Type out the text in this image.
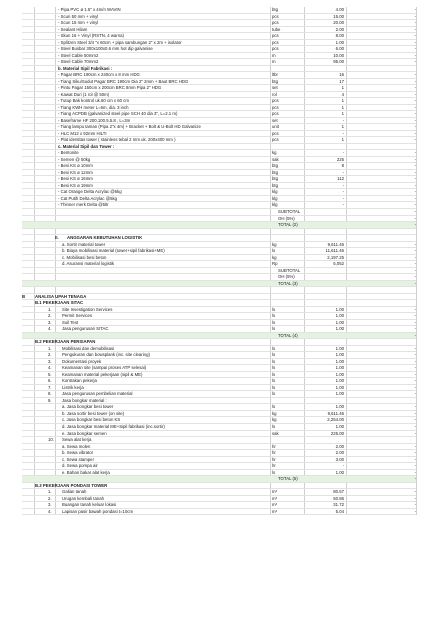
- Pipa PVC ø 1.5" x 4m/n WAVIN	btg	4.00	-
- Scun 50 mm + vinyl	pcs	15.00	-
- Scun 15 mm + vinyl	pcs	20.00	-
- Sealant Hilam	tube	2.00	-
- Skun 16 + Vinyl (RSTN, 4 warna)	pcs	8.00	-
- Splitzen Steel 3/4 "x 60cm + pipa sambungan 2" x 2m + isolator	pcs	1.00	-
- Steel Busbar 300x100x0.6 mm hot dip galvanise	pcs	6.00	-
- Steel Cable 50mm2	m	10.00	-
- Steel Cable 70mm2	m	95.00	-
b. Material Sipil Fabrikasi :
- Pagar BRC 190cm x 240cm x 8 mm HDG	ltbr	16	-
- Tiang Siku/Sudut Pagar BRC 190cm Dia 2" 2mm + Baut BRC HDG	btg	17	-
- Pintu Pagar 150cm x 200cm BRC 8mm Pipa 2" HDG	set	1	-
- Kawat Duri (1 rol @ 50m)	rol	4	-
- Tutup Bak kontrol uk.60 cm x 60 cm	pcs	1	-
- Tiang KWH meter L=6m, dia. 3 inch	pcs	1	-
- Tiang ACPDB (galvanized steel pipe SCH 40 dia 3", L=2.1 m)	pcs	1	-
- Baseframe HF 200.100.5.5.8 , L=3m	set	-	-
- Tiang lampu taman (Pipa 2"x 4m) + Bracket + Bolt & U-Bolt HD Galvanize	unit	1	-
- HLC M12 x 92mm HILTI	pcs	-	-
- Plat identitas tower ( stainless tebal 2 mm uk. 200x400 mm )	pcs	1	-
c. Material Sipil dan Tower :
- Bentonite	kg	-	-
- Semen @ 50kg	sak	225	-
- Besi KS ø 10mm	btg	8	-
- Besi KS ø 12mm	btg	-	-
- Besi KS ø 16mm	btg	112	-
- Besi KS ø 19mm	btg	-	-
- Cat Orange Delta Acrylac @5kg	klg	-	-
- Cat Putih Delta Acrylac @5kg	klg	-	-
- Thinner merk Delta @5ltr	klg	-	-
SUBTOTAL	-
OH (5%)	-
TOTAL (2)	-
II.	ANGGARAN KEBUTUHAN LOGISTIK
a. Sortir material tower	kg	9,611.46	-
b. Biaya mobilisasi material (tower+sipil fabrikasi+ME)	ls	11,611.46	-
c. Mobilisasi besi beton	kg	2,197.25	-
d. Asuransi material logistik	Rp	5,052	-
SUBTOTAL	-
OH (5%)	-
TOTAL (3)	-
B	ANALISA UPAH TENAGA
B.1 PEKERJAAN SITAC
1.	Site Investigation Services	ls	1.00	-
2.	Permit Services	ls	1.00	-
3.	Soil Test	ls	1.00	-
4.	Jasa pengurusan SITAC	ls	1.00	-
TOTAL (4)	-
B.2 PEKERJAAN PERSIAPAN
1.	Mobilisasi dan demobilisasi	ls	1.00	-
2.	Pengukuran dan bowsplank (inc. site clearing)	ls	1.00	-
3.	Dokumentasi proyek	ls	1.00	-
4.	Keamanan site (sampai proses ATP selesai)	ls	1.00	-
5.	Keamanan material pekerjaan (sipil & ME)	ls	1.00	-
6.	Kontrakan pekerja	ls	1.00	-
7.	Listrik kerja	ls	1.00	-
8.	Jasa pengurusan pembelian material	ls	1.00	-
9.	Jasa bongkar material :
a. Jasa bongkar besi tower	ls	1.00	-
b. Jasa sortir besi tower (on site)	kg	9,611.46	-
c. Jasa bongkar besi beton KS	kg	2,254.00	-
d. Jasa bongkar material ME+Sipil fabrikasi (inc.sortir)	ls	1.00	-
e. Jasa bongkar semen	sak	225.00	-
10.	Sewa alat kerja
a. Sewa molen	hr	2.00	-
b. Sewa vibrator	hr	2.00	-
c. Sewa stamper	hr	3.00	-
d. Sewa pompa air	hr	-	-
e. Bahan bakar alat kerja	ls	1.00	-
TOTAL (5)	-
B.3 PEKERJAAN PONDASI TOWER
1.	Galian tanah	m³	80.57	-
2.	Urugan kembali tanah	m³	50.86	-
3.	Buangan tanah keluar lokasi	m³	31.72	-
4.	Lapisan pasir bawah pondasi t=10cm	m³	5.04	-
